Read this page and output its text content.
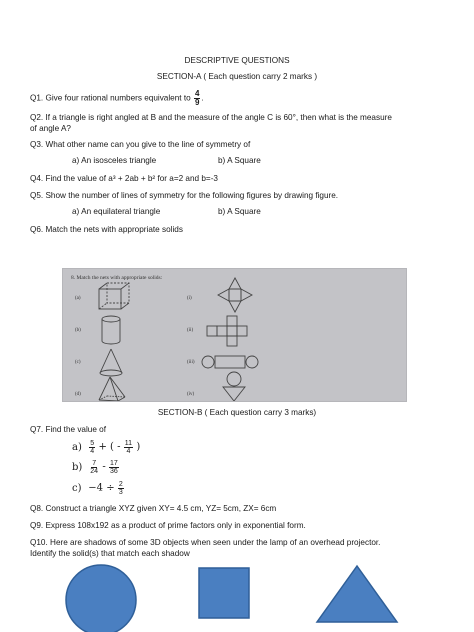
DESCRIPTIVE QUESTIONS
SECTION-A ( Each question carry 2 marks )
Q1. Give four rational numbers equivalent to $\frac{4}{9}$ .
Q2. If a triangle is right angled at B and the measure of the angle C is 60°, then what is the measure
of angle A?
Q3. What other name can you give to the line of symmetry of
a) An isosceles triangle	b) A Square
Q4. Find the value of a³ + 2ab + b² for a=2 and b=-3
Q5. Show the number of lines of symmetry for the following figures by drawing figure.
a) An equilateral triangle	b) A Square
Q6. Match the nets with appropriate solids
8. Match the nets with appropriate solids:
(a)
(b)
(c)
(d)
(i)
(ii)
(iii)
(iv)
SECTION-B ( Each question carry 3 marks)
Q7. Find the value of
$a) \frac{5}{4}$ + ( - $\frac{11}{4}$ )
$b) \frac{7}{24} - \frac{17}{36}$
$c) -4 \div \frac{2}{3}$
Q8. Construct a triangle XYZ given XY= 4.5 cm, YZ= 5cm, ZX= 6cm
Q9. Express 108x192 as a product of prime factors only in exponential form.
Q10. Here are shadows of some 3D objects when seen under the lamp of an overhead projector.
Identify the solid(s) that match each shadow
